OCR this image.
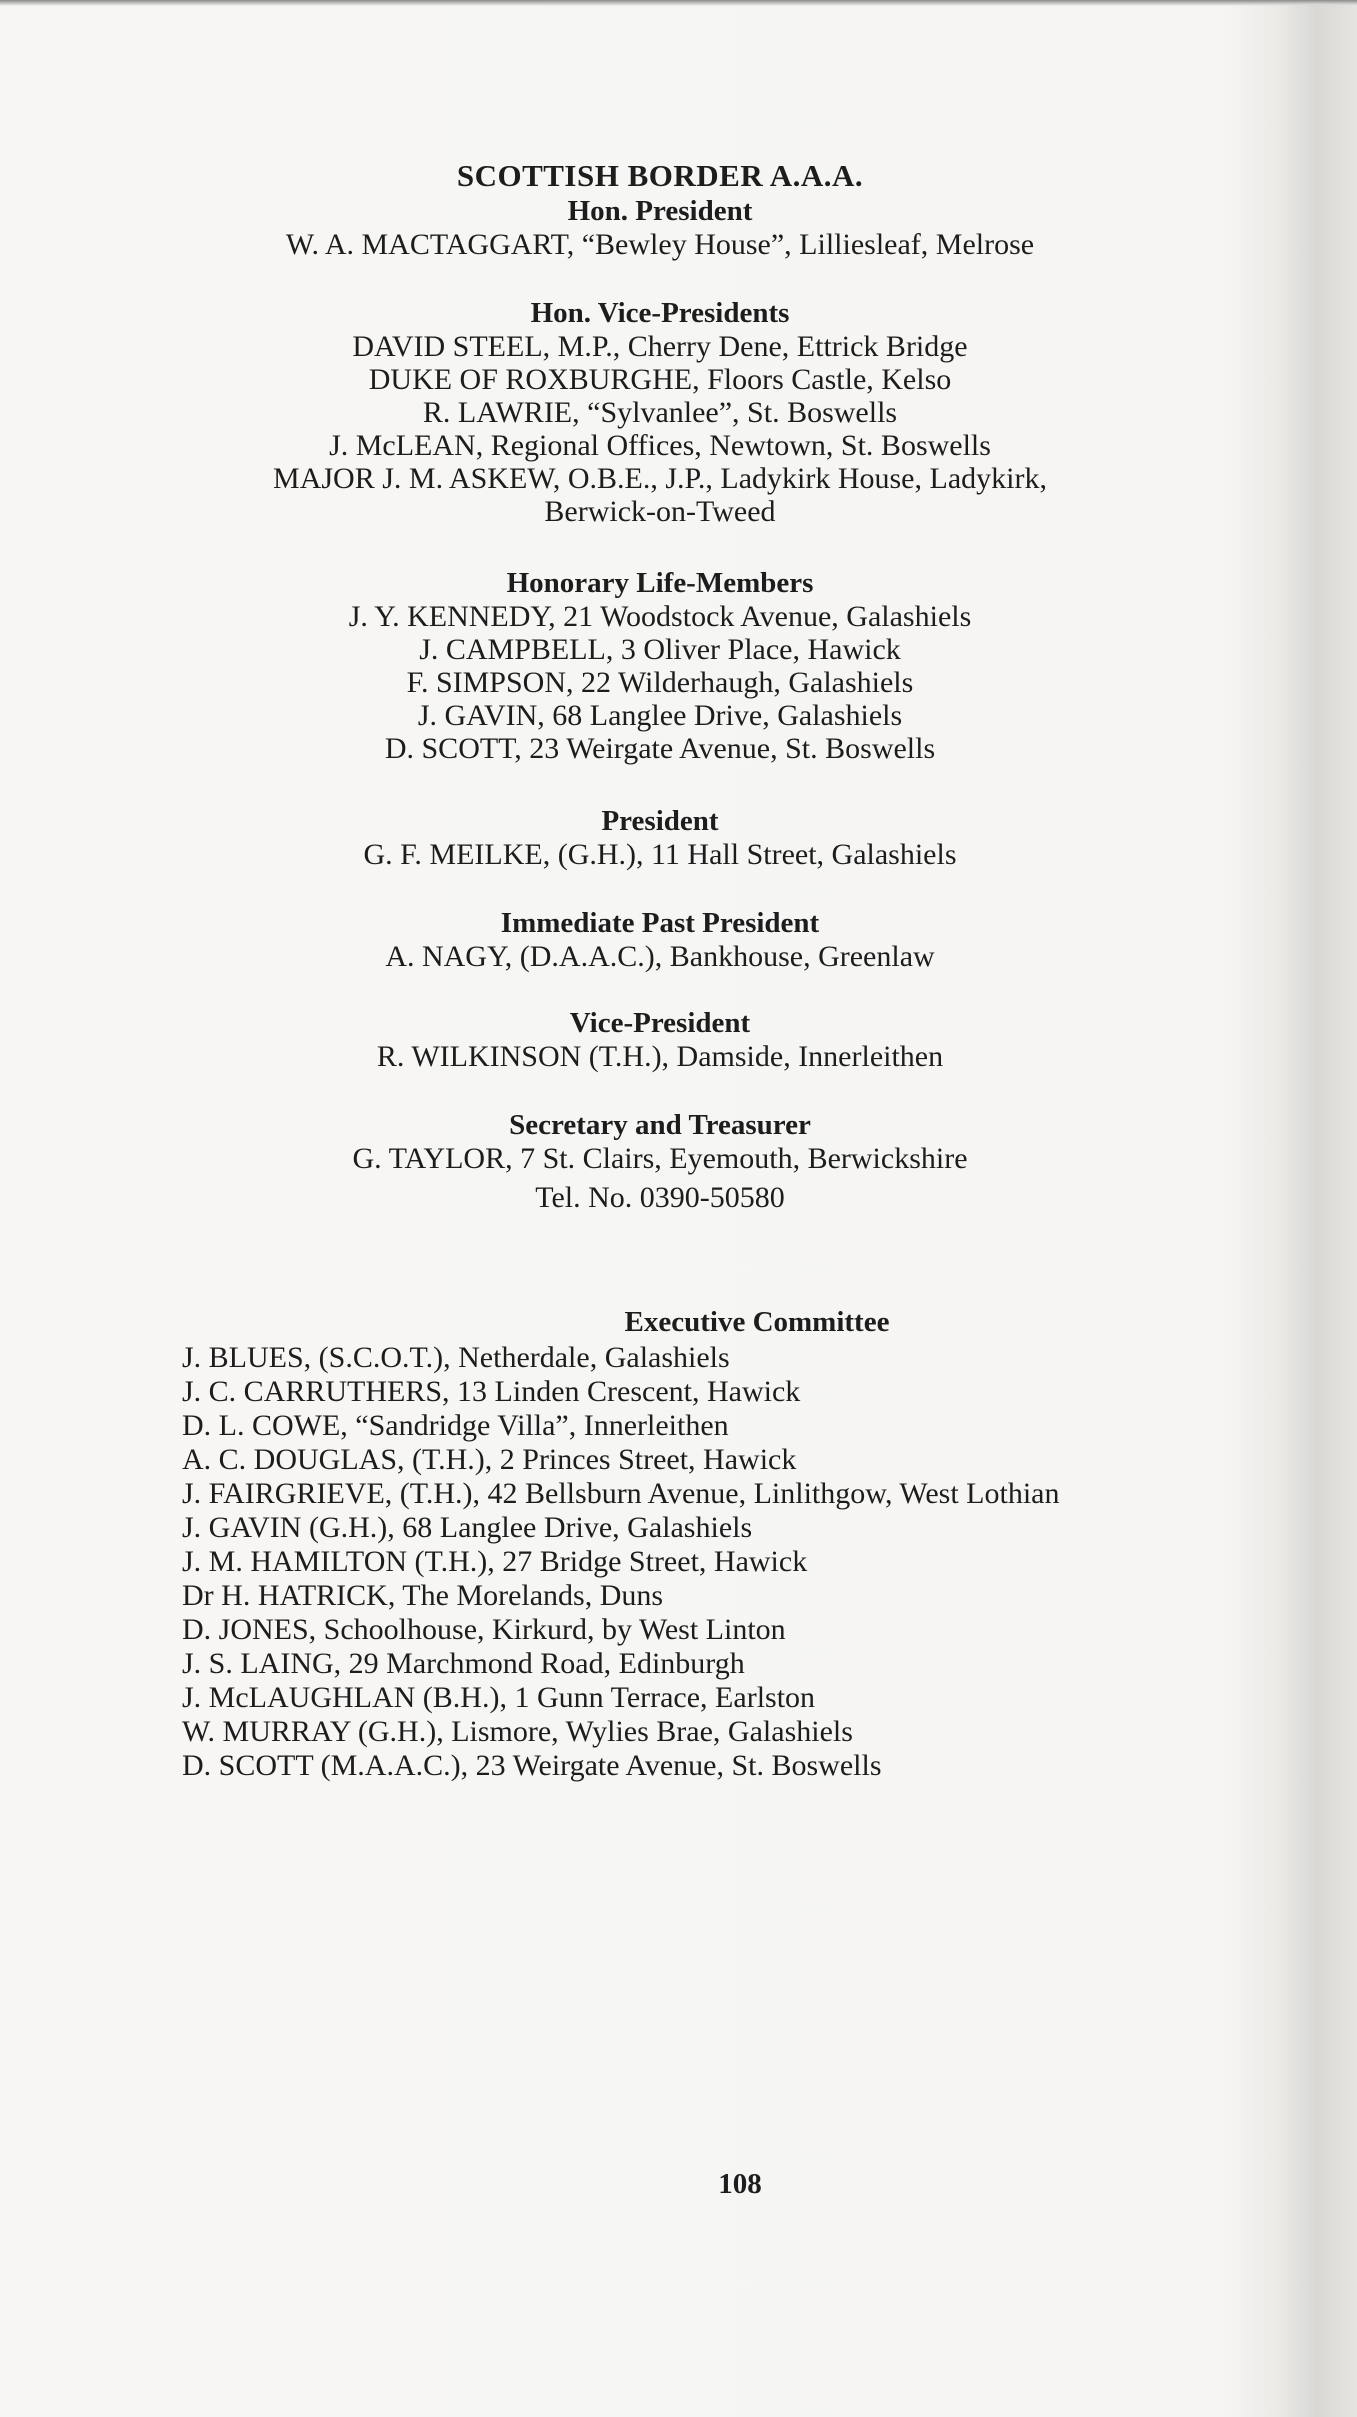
SCOTTISH BORDER A.A.A.
Hon. President
W. A. MACTAGGART, “Bewley House”, Lilliesleaf, Melrose
Hon. Vice-Presidents
DAVID STEEL, M.P., Cherry Dene, Ettrick Bridge
DUKE OF ROXBURGHE, Floors Castle, Kelso
R. LAWRIE, “Sylvanlee”, St. Boswells
J. McLEAN, Regional Offices, Newtown, St. Boswells
MAJOR J. M. ASKEW, O.B.E., J.P., Ladykirk House, Ladykirk,
Berwick-on-Tweed
Honorary Life-Members
J. Y. KENNEDY, 21 Woodstock Avenue, Galashiels
J. CAMPBELL, 3 Oliver Place, Hawick
F. SIMPSON, 22 Wilderhaugh, Galashiels
J. GAVIN, 68 Langlee Drive, Galashiels
D. SCOTT, 23 Weirgate Avenue, St. Boswells
President
G. F. MEILKE, (G.H.), 11 Hall Street, Galashiels
Immediate Past President
A. NAGY, (D.A.A.C.), Bankhouse, Greenlaw
Vice-President
R. WILKINSON (T.H.), Damside, Innerleithen
Secretary and Treasurer
G. TAYLOR, 7 St. Clairs, Eyemouth, Berwickshire
Tel. No. 0390-50580
Executive Committee
J. BLUES, (S.C.O.T.), Netherdale, Galashiels
J. C. CARRUTHERS, 13 Linden Crescent, Hawick
D. L. COWE, “Sandridge Villa”, Innerleithen
A. C. DOUGLAS, (T.H.), 2 Princes Street, Hawick
J. FAIRGRIEVE, (T.H.), 42 Bellsburn Avenue, Linlithgow, West Lothian
J. GAVIN (G.H.), 68 Langlee Drive, Galashiels
J. M. HAMILTON (T.H.), 27 Bridge Street, Hawick
Dr H. HATRICK, The Morelands, Duns
D. JONES, Schoolhouse, Kirkurd, by West Linton
J. S. LAING, 29 Marchmond Road, Edinburgh
J. McLAUGHLAN (B.H.), 1 Gunn Terrace, Earlston
W. MURRAY (G.H.), Lismore, Wylies Brae, Galashiels
D. SCOTT (M.A.A.C.), 23 Weirgate Avenue, St. Boswells
108
